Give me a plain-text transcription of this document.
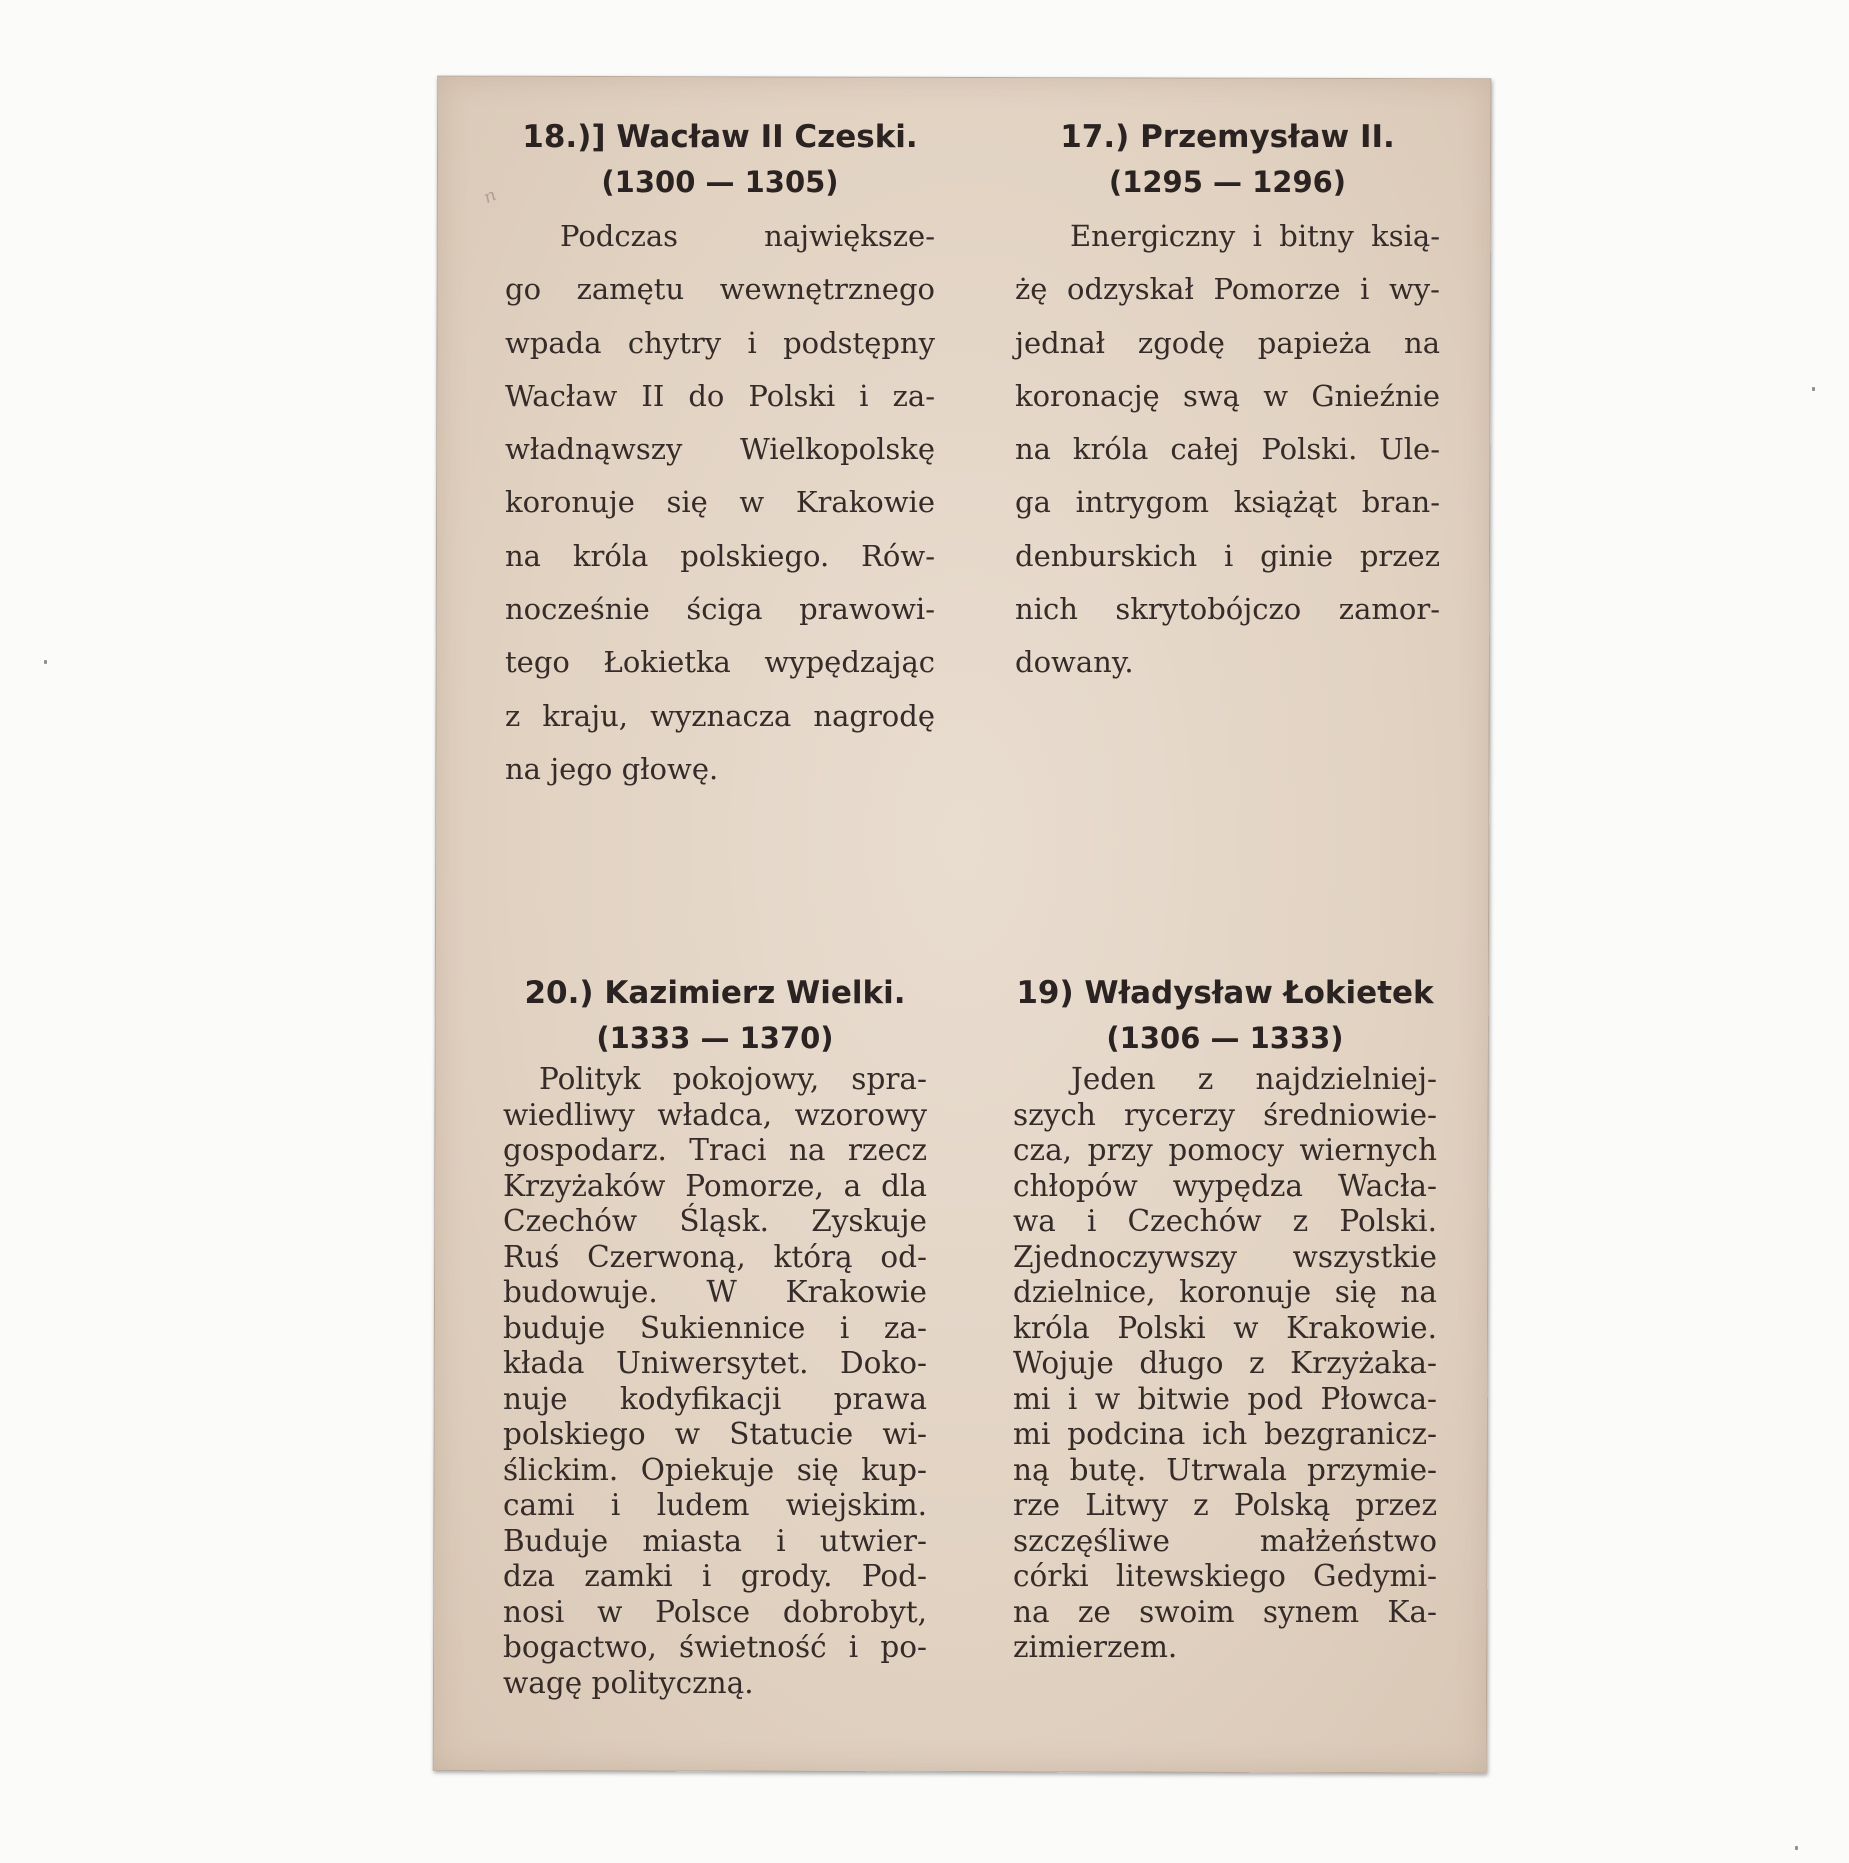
ₙ
18.)] Wacław II Czeski.
(1300 — 1305)
Podczas największe-
go zamętu wewnętrznego
wpada chytry i podstępny
Wacław II do Polski i za-
władnąwszy Wielkopolskę
koronuje się w Krakowie
na króla polskiego. Rów-
nocześnie ściga prawowi-
tego Łokietka wypędzając
z kraju, wyznacza nagrodę
na jego głowę.
17.) Przemysław II.
(1295 — 1296)
Energiczny i bitny ksią-
żę odzyskał Pomorze i wy-
jednał zgodę papieża na
koronację swą w Gnieźnie
na króla całej Polski. Ule-
ga intrygom książąt bran-
denburskich i ginie przez
nich skrytobójczo zamor-
dowany.
20.) Kazimierz Wielki.
(1333 — 1370)
Polityk pokojowy, spra-
wiedliwy władca, wzorowy
gospodarz. Traci na rzecz
Krzyżaków Pomorze, a dla
Czechów Śląsk. Zyskuje
Ruś Czerwoną, którą od-
budowuje. W Krakowie
buduje Sukiennice i za-
kłada Uniwersytet. Doko-
nuje kodyfikacji prawa
polskiego w Statucie wi-
ślickim. Opiekuje się kup-
cami i ludem wiejskim.
Buduje miasta i utwier-
dza zamki i grody. Pod-
nosi w Polsce dobrobyt,
bogactwo, świetność i po-
wagę polityczną.
19) Władysław Łokietek
(1306 — 1333)
Jeden z najdzielniej-
szych rycerzy średniowie-
cza, przy pomocy wiernych
chłopów wypędza Wacła-
wa i Czechów z Polski.
Zjednoczywszy wszystkie
dzielnice, koronuje się na
króla Polski w Krakowie.
Wojuje długo z Krzyżaka-
mi i w bitwie pod Płowca-
mi podcina ich bezgranicz-
ną butę. Utrwala przymie-
rze Litwy z Polską przez
szczęśliwe małżeństwo
córki litewskiego Gedymi-
na ze swoim synem Ka-
zimierzem.
